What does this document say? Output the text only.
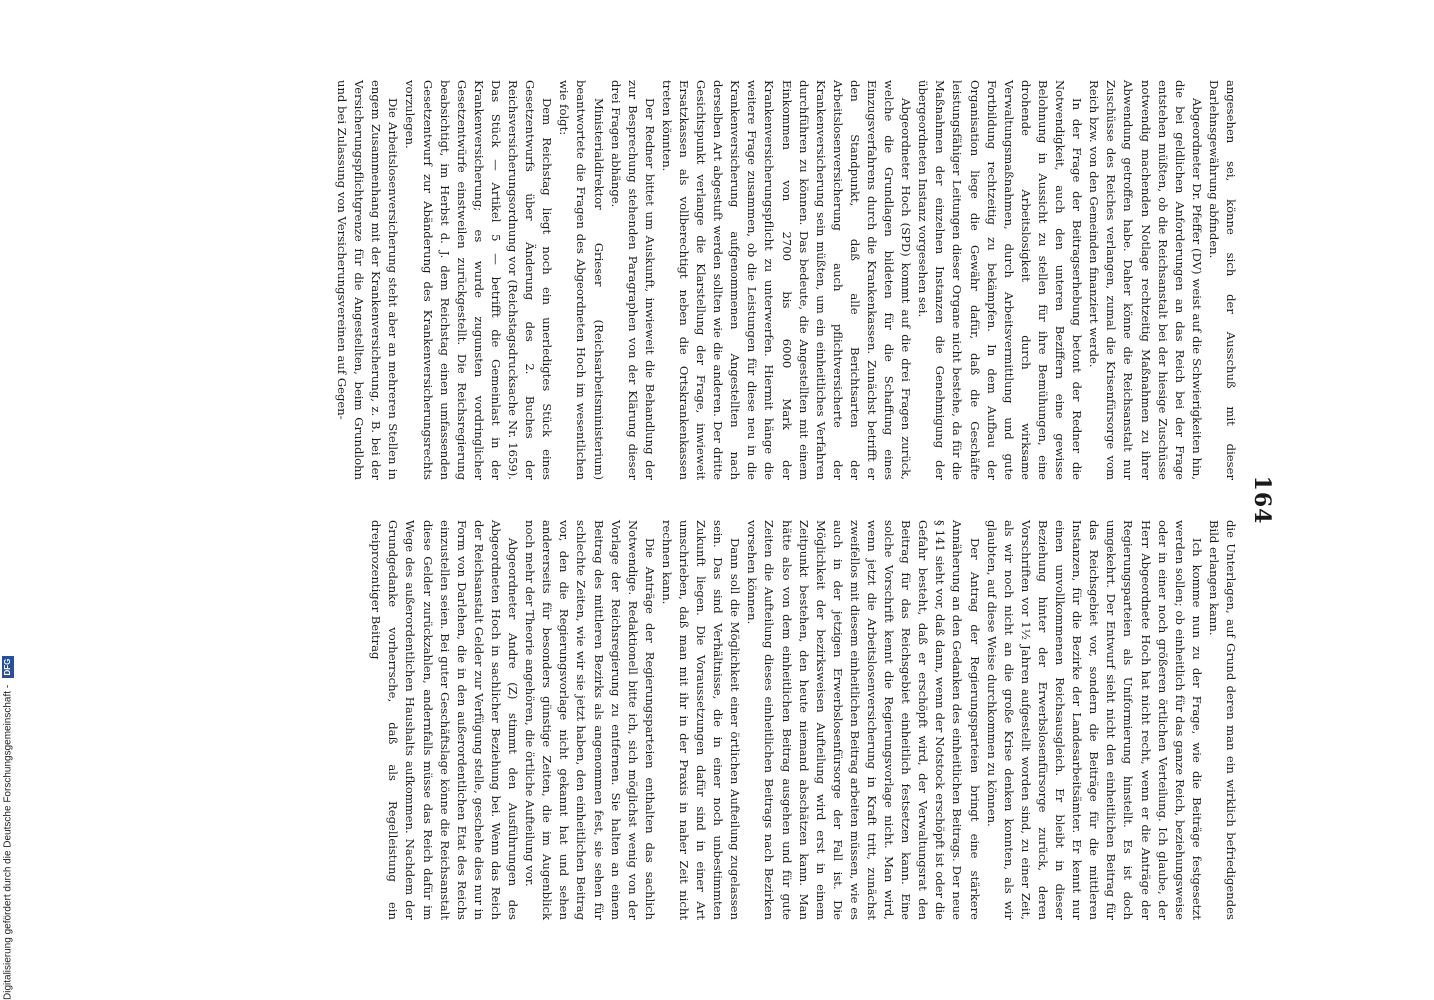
164

angesehen sei, könne sich der Ausschuß mit dieser Darlehnsgewährung abfinden.

Abgeordneter Dr. Pfeffer (DV) weist auf die Schwierigkeiten hin, die bei geldlichen Anforderungen an das Reich bei der Frage entstehen müßten, ob die Reichsanstalt bei der hiesige Zuschüsse notwendig machenden Notlage rechtzeitig Maßnahmen zu ihrer Abwendung getroffen habe. Daher könne die Reichsanstalt nur Zuschüsse des Reiches verlangen, zumal die Krisenfürsorge vom Reich bzw. von den Gemeinden finanziert werde.

In der Frage der Beitragserhebung betont der Redner die Notwendigkeit, auch den unteren Beziffern eine gewisse Belohnung in Aussicht zu stellen für ihre Bemühungen, eine drohende Arbeitslosigkeit durch wirksame Verwaltungsmaßnahmen, durch Arbeitsvermittlung und gute Fortbildung rechtzeitig zu bekämpfen. In dem Aufbau der Organisation liege die Gewähr dafür, daß die Geschäfte leistungsfähiger Leitungen dieser Organe nicht bestehe, da für die Maßnahmen der einzelnen Instanzen die Genehmigung der übergeordneten Instanz vorgesehen sei.

Abgeordneter Hoch (SPD) kommt auf die drei Fragen zurück, welche die Grundlagen bildeten für die Schaffung eines Einzugsverfahrens durch die Krankenkassen. Zunächst betrifft er den Standpunkt, daß alle Berichtsarten der Arbeitslosenversicherung auch pflichtversicherte der Krankenversicherung sein müßten, um ein einheitliches Verfahren durchführen zu können. Das bedeute, die Angestellten mit einem Einkommen von 2700 bis 6000 Mark der Krankenversicherungspflicht zu unterwerfen. Hiermit hänge die weitere Frage zusammen, ob die Leistungen für diese neu in die Krankenversicherung aufgenommenen Angestellten nach derselben Art abgestuft werden sollten wie die anderen. Der dritte Gesichtspunkt verlange die Klarstellung der Frage, inwieweit Ersatzkassen als vollberechtigt neben die Ortskrankenkassen treten könnten.

Der Redner bittet um Auskunft, inwieweit die Behandlung der zur Besprechung stehenden Paragraphen von der Klärung dieser drei Fragen abhänge.

Ministerialdirektor Grieser (Reichsarbeitsministerium) beantwortete die Fragen des Abgeordneten Hoch im wesentlichen wie folgt:

Dem Reichstag liegt noch ein unerledigtes Stück eines Gesetzentwurfs über Änderung des 2. Buches der Reichsversicherungsordnung vor (Reichstagsdrucksache Nr. 1659). Das Stück — Artikel 5 — betrifft die Gemeinlast in der Krankenversicherung; es wurde zugunsten vordringlicher Gesetzentwürfe einstweilen zurückgestellt. Die Reichsregierung beabsichtigt, im Herbst d. J. dem Reichstag einen umfassenden Gesetzentwurf zur Abänderung des Krankenversicherungsrechts vorzulegen.

Die Arbeitslosenversicherung steht aber an mehreren Stellen in engem Zusammenhang mit der Krankenversicherung, z. B. bei der Versicherungspflichtgrenze für die Angestellten, beim Grundlohn und bei Zulassung von Versicherungsvereinen auf Gegen-

die Unterlagen, auf Grund deren man ein wirklich befriedigendes Bild erlangen kann.

Ich komme nun zu der Frage, wie die Beiträge festgesetzt werden sollen; ob einheitlich für das ganze Reich, beziehungsweise oder in einer noch größeren örtlichen Verteilung. Ich glaube, der Herr Abgeordnete Hoch hat nicht recht, wenn er die Anträge der Regierungsparteien als Uniformierung hinstellt. Es ist doch umgekehrt. Der Entwurf sieht nicht den einheitlichen Beitrag für das Reichsgebiet vor, sondern die Beiträge für die mittleren Instanzen, für die Bezirke der Landesarbeitsämter. Er kennt nur einen unvollkommenen Reichsausgleich. Er bleibt in dieser Beziehung hinter der Erwerbslosenfürsorge zurück, deren Vorschriften vor 1½ Jahren aufgestellt worden sind, zu einer Zeit, als wir noch nicht an die große Krise denken konnten, als wir glaubten, auf diese Weise durchkommen zu können.

Der Antrag der Regierungsparteien bringt eine stärkere Annäherung an den Gedanken des einheitlichen Beitrags. Der neue § 141 sieht vor, daß dann, wenn der Notstock erschöpft ist oder die Gefahr besteht, daß er erschöpft wird, der Verwaltungsrat den Beitrag für das Reichsgebiet einheitlich festsetzen kann. Eine solche Vorschrift kennt die Regierungsvorlage nicht. Man wird, wenn jetzt die Arbeitslosenversicherung in Kraft tritt, zunächst zweifellos mit diesem einheitlichen Beitrag arbeiten müssen, wie es auch in der jetzigen Erwerbslosenfürsorge der Fall ist. Die Möglichkeit der bezirksweisen Aufteilung wird erst in einem Zeitpunkt bestehen, den heute niemand abschätzen kann. Man hätte also von dem einheitlichen Beitrag ausgehen und für gute Zeiten die Aufteilung dieses einheitlichen Beitrags nach Bezirken vorsehen können.

Dann soll die Möglichkeit einer örtlichen Aufteilung zugelassen sein. Das sind Verhältnisse, die in einer noch unbestimmten Zukunft liegen. Die Voraussetzungen dafür sind in einer Art umschrieben, daß man mit ihr in der Praxis in naher Zeit nicht rechnen kann.

Die Anträge der Regierungsparteien enthalten das sachlich Notwendige. Redaktionell bitte ich, sich möglichst wenig von der Vorlage der Reichsregierung zu entfernen. Sie halten an einem Beitrag des mittleren Bezirks als angenommen fest, sie sehen für schlechte Zeiten, wie wir sie jetzt haben, den einheitlichen Beitrag vor, den die Regierungsvorlage nicht gekannt hat und sehen andererseits für besonders günstige Zeiten, die im Augenblick noch mehr der Theorie angehören, die örtliche Aufteilung vor.

Abgeordneter Andre (Z) stimmt den Ausführungen des Abgeordneten Hoch in sachlicher Beziehung bei. Wenn das Reich der Reichsanstalt Gelder zur Verfügung stelle, geschehe dies nur in Form von Darlehen, die in den außerordentlichen Etat des Reichs einzustellen seien. Bei guter Geschäftslage könne die Reichsanstalt diese Gelder zurückzahlen, andernfalls müsse das Reich dafür im Wege des außerordentlichen Haushalts aufkommen. Nachdem der Grundgedanke vorherrsche, daß als Regelleistung ein dreiprozentiger Beitrag

Digitalisierung gefördert durch die Deutsche Forschungsgemeinschaft - DFG
